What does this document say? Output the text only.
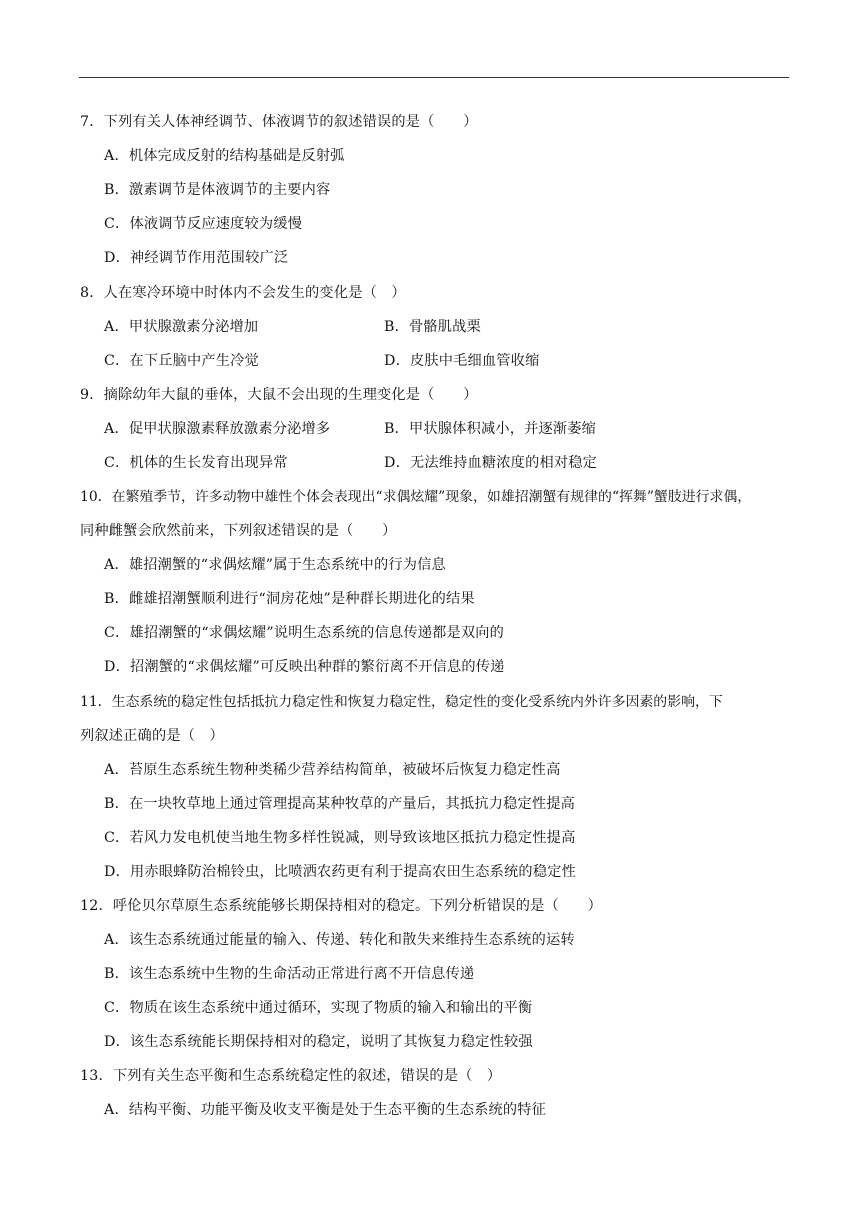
7．下列有关人体神经调节、体液调节的叙述错误的是（　　）
A．机体完成反射的结构基础是反射弧
B．激素调节是体液调节的主要内容
C．体液调节反应速度较为缓慢
D．神经调节作用范围较广泛
8．人在寒冷环境中时体内不会发生的变化是（　）
A．甲状腺激素分泌增加	B．骨骼肌战栗
C．在下丘脑中产生冷觉	D．皮肤中毛细血管收缩
9．摘除幼年大鼠的垂体，大鼠不会出现的生理变化是（　　）
A．促甲状腺激素释放激素分泌增多	B．甲状腺体积减小，并逐渐萎缩
C．机体的生长发育出现异常	D．无法维持血糖浓度的相对稳定
10．在繁殖季节，许多动物中雄性个体会表现出“求偶炫耀”现象，如雄招潮蟹有规律的“挥舞”蟹肢进行求偶，
同种雌蟹会欣然前来，下列叙述错误的是（　　）
A．雄招潮蟹的“求偶炫耀”属于生态系统中的行为信息
B．雌雄招潮蟹顺利进行“洞房花烛”是种群长期进化的结果
C．雄招潮蟹的“求偶炫耀”说明生态系统的信息传递都是双向的
D．招潮蟹的“求偶炫耀”可反映出种群的繁衍离不开信息的传递
11．生态系统的稳定性包括抵抗力稳定性和恢复力稳定性，稳定性的变化受系统内外许多因素的影响，下
列叙述正确的是（　）
A．苔原生态系统生物种类稀少营养结构简单，被破坏后恢复力稳定性高
B．在一块牧草地上通过管理提高某种牧草的产量后，其抵抗力稳定性提高
C．若风力发电机使当地生物多样性锐减，则导致该地区抵抗力稳定性提高
D．用赤眼蜂防治棉铃虫，比喷洒农药更有利于提高农田生态系统的稳定性
12．呼伦贝尔草原生态系统能够长期保持相对的稳定。下列分析错误的是（　　）
A．该生态系统通过能量的输入、传递、转化和散失来维持生态系统的运转
B．该生态系统中生物的生命活动正常进行离不开信息传递
C．物质在该生态系统中通过循环，实现了物质的输入和输出的平衡
D．该生态系统能长期保持相对的稳定，说明了其恢复力稳定性较强
13．下列有关生态平衡和生态系统稳定性的叙述，错误的是（　）
A．结构平衡、功能平衡及收支平衡是处于生态平衡的生态系统的特征
